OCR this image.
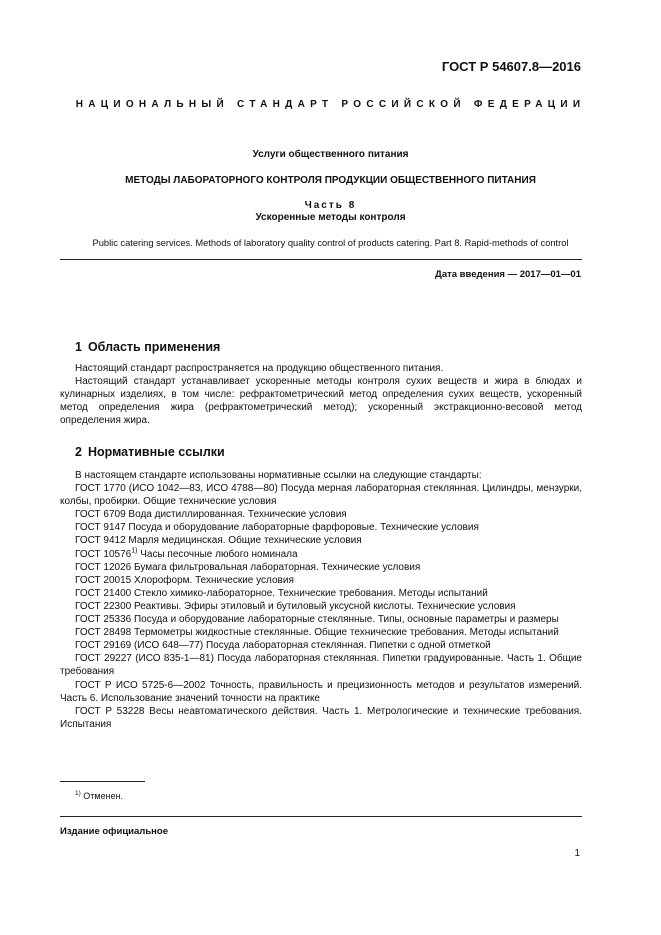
ГОСТ Р 54607.8—2016
НАЦИОНАЛЬНЫЙ СТАНДАРТ РОССИЙСКОЙ ФЕДЕРАЦИИ
Услуги общественного питания
МЕТОДЫ ЛАБОРАТОРНОГО КОНТРОЛЯ ПРОДУКЦИИ ОБЩЕСТВЕННОГО ПИТАНИЯ
Часть 8
Ускоренные методы контроля
Public catering services. Methods of laboratory quality control of products catering. Part 8. Rapid-methods of control
Дата введения — 2017—01—01
1 Область применения

Настоящий стандарт распространяется на продукцию общественного питания.

Настоящий стандарт устанавливает ускоренные методы контроля сухих веществ и жира в блюдах и кулинарных изделиях, в том числе: рефрактометрический метод определения сухих веществ, ускоренный метод определения жира (рефрактометрический метод); ускоренный экстракционно-весовой метод определения жира.

2 Нормативные ссылки

В настоящем стандарте использованы нормативные ссылки на следующие стандарты:

ГОСТ 1770 (ИСО 1042—83, ИСО 4788—80) Посуда мерная лабораторная стеклянная. Цилиндры, мензурки, колбы, пробирки. Общие технические условия

ГОСТ 6709 Вода дистиллированная. Технические условия

ГОСТ 9147 Посуда и оборудование лабораторные фарфоровые. Технические условия

ГОСТ 9412 Марля медицинская. Общие технические условия

ГОСТ 10576$^{1)}$ Часы песочные любого номинала

ГОСТ 12026 Бумага фильтровальная лабораторная. Технические условия

ГОСТ 20015 Хлороформ. Технические условия

ГОСТ 21400 Стекло химико-лабораторное. Технические требования. Методы испытаний

ГОСТ 22300 Реактивы. Эфиры этиловый и бутиловый уксусной кислоты. Технические условия

ГОСТ 25336 Посуда и оборудование лабораторные стеклянные. Типы, основные параметры и размеры

ГОСТ 28498 Термометры жидкостные стеклянные. Общие технические требования. Методы испытаний

ГОСТ 29169 (ИСО 648—77) Посуда лабораторная стеклянная. Пипетки с одной отметкой

ГОСТ 29227 (ИСО 835-1—81) Посуда лабораторная стеклянная. Пипетки градуированные. Часть 1. Общие требования

ГОСТ Р ИСО 5725-6—2002 Точность, правильность и прецизионность методов и результатов измерений. Часть 6. Использование значений точности на практике

ГОСТ Р 53228 Весы неавтоматического действия. Часть 1. Метрологические и технические требования. Испытания

$^{1)}$ Отменен.
Издание официальное
1
